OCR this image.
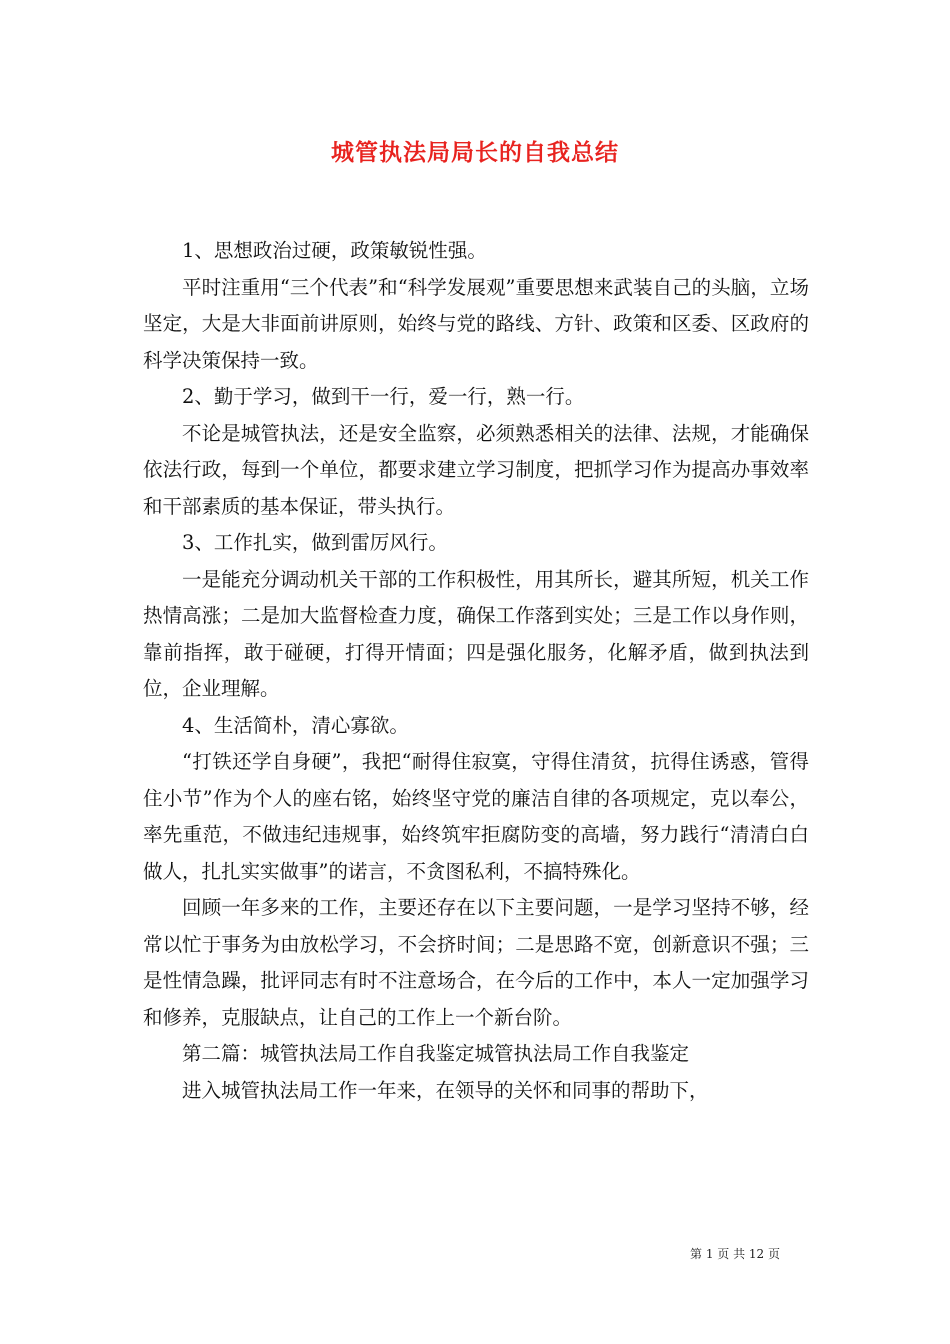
城管执法局局长的自我总结

1、思想政治过硬，政策敏锐性强。

平时注重用“三个代表”和“科学发展观”重要思想来武装自己的头脑，立场坚定，大是大非面前讲原则，始终与党的路线、方针、政策和区委、区政府的科学决策保持一致。

2、勤于学习，做到干一行，爱一行，熟一行。

不论是城管执法，还是安全监察，必须熟悉相关的法律、法规，才能确保依法行政，每到一个单位，都要求建立学习制度，把抓学习作为提高办事效率和干部素质的基本保证，带头执行。

3、工作扎实，做到雷厉风行。

一是能充分调动机关干部的工作积极性，用其所长，避其所短，机关工作热情高涨；二是加大监督检查力度，确保工作落到实处；三是工作以身作则，靠前指挥，敢于碰硬，打得开情面；四是强化服务，化解矛盾，做到执法到位，企业理解。

4、生活简朴，清心寡欲。

“打铁还学自身硬”，我把“耐得住寂寞，守得住清贫，抗得住诱惑，管得住小节”作为个人的座右铭，始终坚守党的廉洁自律的各项规定，克以奉公，率先重范，不做违纪违规事，始终筑牢拒腐防变的高墙，努力践行“清清白白做人，扎扎实实做事”的诺言，不贪图私利，不搞特殊化。

回顾一年多来的工作，主要还存在以下主要问题，一是学习坚持不够，经常以忙于事务为由放松学习，不会挤时间；二是思路不宽，创新意识不强；三是性情急躁，批评同志有时不注意场合，在今后的工作中，本人一定加强学习和修养，克服缺点，让自己的工作上一个新台阶。

第二篇：城管执法局工作自我鉴定城管执法局工作自我鉴定

进入城管执法局工作一年来，在领导的关怀和同事的帮助下，

第 1 页 共 12 页
